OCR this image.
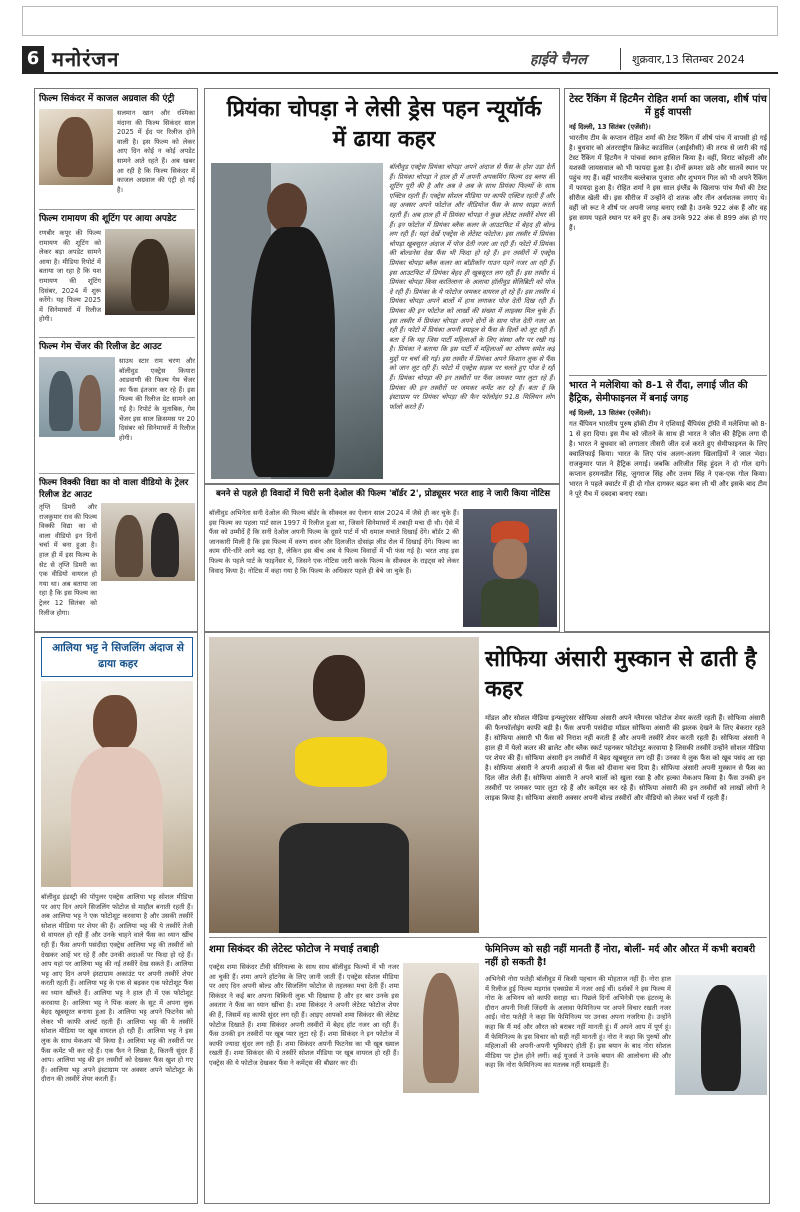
6 मनोरंजन	हाईवे चैनल	शुक्रवार,13 सितम्बर 2024
फिल्म सिकंदर में काजल अग्रवाल की एंट्री
सलमान खान और रश्मिका मंदाना की फिल्म सिकंदर साल 2025 में ईद पर रिलीज होने वाली है। इस फिल्म को लेकर आए दिन कोई न कोई अपडेट सामने आते रहते हैं। अब खबर आ रही है कि फिल्म सिकंदर में काजल अग्रवाल की एंट्री हो गई है।
फिल्म रामायण की शूटिंग पर आया अपडेट
रणबीर कपूर की फिल्म रामायण की शूटिंग को लेकर बड़ा अपडेट सामने आया है। मीडिया रिपोर्ट में बताया जा रहा है कि यश रामायण की शूटिंग दिसंबर, 2024 में शुरू करेंगे। यह फिल्म 2025 में सिनेमाघरों में रिलीज होगी।
फिल्म गेम चेंजर की रिलीज डेट आउट
साउथ स्टार राम चरण और बॉलीवुड एक्ट्रेस कियारा आडवाणी की फिल्म गेम चेंजर का फैंस इंतजार कर रहे हैं। इस फिल्म की रिलीज डेट सामने आ गई है। रिपोर्ट के मुताबिक, गेम चेंजर इस साल क्रिसमस पर 20 दिसंबर को सिनेमाघरों में रिलीज होगी।
फिल्म विक्की विद्या का वो वाला वीडियो के ट्रेलर रिलीज डेट आउट
तृप्ति डिमरी और राजकुमार राव की फिल्म विक्की विद्या का वो वाला वीडियो इन दिनों चर्चा में बना हुआ है। हाल ही में इस फिल्म के सेट से तृप्ति डिमरी का एक वीडियो वायरल हो गया था। अब बताया जा रहा है कि इस फिल्म का ट्रेलर 12 सितंबर को रिलीज होगा।
प्रियंका चोपड़ा ने लेसी ड्रेस पहन न्यूयॉर्क में ढाया कहर
बॉलीवुड एक्ट्रेस प्रियंका चोपड़ा अपने अंदाज से फैंस के होश उड़ा देती हैं। प्रियंका चोपड़ा ने हाल ही में अपनी अपकमिंग फिल्म दद ब्लफ की शूटिंग पूरी की है और अब वे अब के साथ प्रियंका फिल्मों के साथ एक्टिव रहती हैं। एक्ट्रेस सोशल मीडिया पर काफी एक्टिव रहती हैं और वह अक्सर अपने फोटोज और वीडियोज फैंस के साथ साझा करती रहती हैं। अब हाल ही में प्रियंका चोपड़ा ने कुछ लेटेस्ट तस्वीरें शेयर की हैं। इन फोटोज में प्रियंका ब्लैक कलर के आउटफिट में बेहद ही बोल्ड लग रही हैं। यहां देखें एक्ट्रेस के लेटेस्ट फोटोज। इस तस्वीर में प्रियंका चोपड़ा खूबसूरत अंदाज में पोज देती नजर आ रही हैं। फोटो में प्रियंका की बोल्डनेस देख फैंस भी फिदा हो रहे हैं। इन तस्वीरों में एक्ट्रेस प्रियंका चोपड़ा ब्लैक कलर का बॉडीकॉन गाउन पहने नजर आ रही हैं। इस आउटफिट में प्रियंका बेहद ही खूबसूरत लग रही हैं। इस तस्वीर में प्रियंका चोपड़ा किस कातिलाना के अलावा हॉलीवुड सेलिब्रिटी को पोज दे रही हैं। प्रियंका के ये फोटोज जमकर वायरल हो रहे हैं। इस तस्वीर में प्रियंका चोपड़ा अपने बालों में हाथ लगाकर पोज देती दिख रही हैं। प्रियंका की इन फोटोज को लाखों की संख्या में लाइक्स मिल चुके हैं। इस तस्वीर में प्रियंका चोपड़ा अपने दोनों के साथ पोज देती नजर आ रही हैं। फोटो में प्रियंका अपनी स्माइल से फैंस के दिलों को लूट रही हैं। बता दें कि यह जिस पार्टी महिलाओं के लिए संस्था और पर रखी गई है। प्रियंका ने बताया कि इस पार्टी में महिलाओं का शोषण समेत कई मुद्दों पर चर्चा की गई। इस तस्वीर में प्रियंका अपने किशान लुक से फैंस को जान लूट रही हैं। फोटो में एक्ट्रेस सड़क पर चलते हुए पोज दे रही हैं। प्रियंका चोपड़ा की इन तस्वीरों पर फैंस जमकर प्यार लुटा रहे हैं। प्रियंका की इन तस्वीरों पर जमकर कमेंट कर रहे हैं। बता दें कि इंस्टाग्राम पर प्रियंका चोपड़ा की फैन फॉलोइंग 91.8 मिलियन लोग फॉलो करते हैं।
बनने से पहले ही विवादों में घिरी सनी देओल की फिल्म 'बॉर्डर 2', प्रोड्यूसर भरत शाह ने जारी किया नोटिस
बॉलीवुड अभिनेता सनी देओल की फिल्म बॉर्डर के सीक्वल का ऐलान साल 2024 में जैसे ही कर चुके हैं। इस फिल्म का पहला पार्ट साल 1997 में रिलीज हुआ था, जिसने सिनेमाघरों में तबाही मचा दी थी। ऐसे में फैंस को उम्मीदें हैं कि सनी देओल अपनी फिल्म के दूसरे पार्ट में भी धमाल मचाते दिखाई देंगे। बॉर्डर 2 की जानकारी मिली है कि इस फिल्म में वरुण धवन और दिलजीत दोसांझ लीड रोल में दिखाई देंगे। फिल्म का काम धीरे-धीरे आगे बढ़ रहा है, लेकिन इस बीच अब ये फिल्म विवादों में भी फंस गई है। भरत शाह इस फिल्म के पहले पार्ट के फाइनेंसर थे, जिसने एक नोटिस जारी करके फिल्म के सीक्वल के राइट्स को लेकर विवाद किया है। नोटिस में कहा गया है कि फिल्म के अधिकार पहले ही बेचे जा चुके हैं।
टेस्ट रैंकिंग में हिटमैन रोहित शर्मा का जलवा, शीर्ष पांच में हुई वापसी
नई दिल्ली, 13 सितंबर (एजेंसी)।
भारतीय टीम के कप्तान रोहित शर्मा की टेस्ट रैंकिंग में शीर्ष पांच में वापसी हो गई है। बुधवार को अंतरराष्ट्रीय क्रिकेट काउंसिल (आईसीसी) की तरफ से जारी की गई टेस्ट रैंकिंग में हिटमैन ने पांचवां स्थान हासिल किया है। वहीं, विराट कोहली और यशस्वी जायसवाल को भी फायदा हुआ है। दोनों क्रमशः छठे और सातवें स्थान पर पहुंच गए हैं। वहीं भारतीय बल्लेबाज पुजारा और शुभमन गिल को भी अपने रैंकिंग में फायदा हुआ है। रोहित शर्मा ने इस साल इंग्लैंड के खिलाफ पांच मैचों की टेस्ट सीरीज खेली थी। इस सीरीज में उन्होंने दो शतक और तीन अर्धशतक लगाए थे। वहीं जो रूट ने शीर्ष पर अपनी जगह बनाए रखी है। उनके 922 अंक हैं और वह इस समय पहले स्थान पर बने हुए हैं। अब उनके 922 अंक से 899 अंक हो गए हैं।
भारत ने मलेशिया को 8-1 से रौंदा, लगाई जीत की हैट्रिक, सेमीफाइनल में बनाई जगह
नई दिल्ली, 13 सितंबर (एजेंसी)।
गत चैंपियन भारतीय पुरुष हॉकी टीम ने एशियाई चैंपियंस ट्रॉफी में मलेशिया को 8-1 से हरा दिया। इस मैच को जीतने के साथ ही भारत ने जीत की हैट्रिक लगा दी है। भारत ने बुधवार को लगातार तीसरी जीत दर्ज करते हुए सेमीफाइनल के लिए क्वालिफाई किया। भारत के लिए पांच अलग-अलग खिलाड़ियों ने जाल भेदा। राजकुमार पाल ने हैट्रिक लगाई। जबकि अरिजीत सिंह हुंदल ने दो गोल दागे। कप्तान हरमनप्रीत सिंह, जुगराज सिंह और उत्तम सिंह ने एक-एक गोल किया। भारत ने पहले क्वार्टर में ही दो गोल दागकर बढ़त बना ली थी और इसके बाद टीम ने पूरे मैच में दबदबा बनाए रखा।
आलिया भट्ट ने सिजलिंग अंदाज से ढाया कहर
बॉलीवुड इंडस्ट्री की पॉपुलर एक्ट्रेस आलिया भट्ट सोशल मीडिया पर आए दिन अपने सिजलिंग फोटोज से माहौल बनाती रहती हैं। अब आलिया भट्ट ने एक फोटोशूट करवाया है और उसकी तस्वीरें सोशल मीडिया पर शेयर की हैं। आलिया भट्ट की ये तस्वीरें तेजी से वायरल हो रही हैं और उनके चाहने वाले फैंस का ध्यान खींच रही हैं। फैंस अपनी पसंदीदा एक्ट्रेस आलिया भट्ट की तस्वीरों को देखकर आहें भर रहे हैं और उनकी अदाओं पर फिदा हो रहे हैं। आप यहां पर आलिया भट्ट की नई तस्वीरें देख सकते हैं। आलिया भट्ट आए दिन अपने इंस्टाग्राम अकाउंट पर अपनी तस्वीरें शेयर करती रहती हैं। आलिया भट्ट के एक से बढ़कर एक फोटोशूट फैंस का ध्यान खींचते हैं। आलिया भट्ट ने हाल ही में एक फोटोशूट करवाया है। आलिया भट्ट ने पिंक कलर के सूट में अपना लुक बेहद खूबसूरत बनाया हुआ है। आलिया भट्ट अपने फिटनेस को लेकर भी काफी अलर्ट रहती हैं। आलिया भट्ट की ये तस्वीरें सोशल मीडिया पर खूब वायरल हो रही हैं। आलिया भट्ट ने इस लुक के साथ मेकअप भी किया है। आलिया भट्ट की तस्वीरों पर फैंस कमेंट भी कर रहे हैं। एक फैन ने लिखा है, कितनी सुंदर हैं आप। आलिया भट्ट की इन तस्वीरों को देखकर फैंस खुश हो गए हैं। आलिया भट्ट अपने इंस्टाग्राम पर अक्सर अपने फोटोशूट के दौरान की तस्वीरें शेयर करती हैं।
सोफिया अंसारी मुस्कान से ढाती है कहर
मॉडल और सोशल मीडिया इन्फ्लुएंसर सोफिया अंसारी अपने ग्लैमरस फोटोज शेयर करती रहती हैं। सोफिया अंसारी की फैनफॉलोइंग काफी बड़ी है। फैंस अपनी पसंदीदा मॉडल सोफिया अंसारी की झलक देखने के लिए बेकरार रहते हैं। सोफिया अंसारी भी फैंस को निराश नहीं करती हैं और अपनी तस्वीरें शेयर करती रहती हैं। सोफिया अंसारी ने हाल ही में येलो कलर की ब्रालेट और ब्लैक स्कर्ट पहनकर फोटोशूट करवाया है जिसकी तस्वीरें उन्होंने सोशल मीडिया पर शेयर की हैं। सोफिया अंसारी इन तस्वीरों में बेहद खूबसूरत लग रही हैं। उनका ये लुक फैंस को खूब पसंद आ रहा है। सोफिया अंसारी ने अपनी अदाओं से फैंस को दीवाना बना दिया है। सोफिया अंसारी अपनी मुस्कान से फैंस का दिल जीत लेती हैं। सोफिया अंसारी ने अपने बालों को खुला रखा है और हल्का मेकअप किया है। फैंस उनकी इन तस्वीरों पर जमकर प्यार लुटा रहे हैं और कमेंट्स कर रहे हैं। सोफिया अंसारी की इन तस्वीरों को लाखों लोगों ने लाइक किया है। सोफिया अंसारी अक्सर अपनी बोल्ड तस्वीरों और वीडियो को लेकर चर्चा में रहती हैं।
शमा सिकंदर की लेटेस्ट फोटोज ने मचाई तबाही
एक्ट्रेस शमा सिकंदर टीवी सीरियल्स के साथ साथ बॉलीवुड फिल्मों में भी नजर आ चुकी हैं। शमा अपने हॉटनेस के लिए जानी जाती हैं। एक्ट्रेस सोशल मीडिया पर आए दिन अपनी बोल्ड और सिजलिंग फोटोज से तहलका मचा देती हैं। शमा सिकंदर ने कई बार अपना बिकिनी लुक भी दिखाया है और हर बार उनके इस अवतार ने फैंस का ध्यान खींचा है। शमा सिकंदर ने अपनी लेटेस्ट फोटोज शेयर की हैं, जिसमें वह काफी सुंदर लग रही हैं। आइए आपको शमा सिकंदर की लेटेस्ट फोटोज दिखाते हैं। शमा सिकंदर अपनी तस्वीरों में बेहद हॉट नजर आ रही हैं। फैंस उनकी इन तस्वीरों पर खूब प्यार लुटा रहे हैं। शमा सिकंदर ने इन फोटोज में काफी ज्यादा सुंदर लग रही हैं। शमा सिकंदर अपनी फिटनेस का भी खूब ख्याल रखती हैं। शमा सिकंदर की ये तस्वीरें सोशल मीडिया पर खूब वायरल हो रही हैं। एक्ट्रेस की ये फोटोज देखकर फैंस ने कमेंट्स की बौछार कर दी।
फेमिनिज्म को सही नहीं मानती हैं नोरा, बोलीं- मर्द और औरत में कभी बराबरी नहीं हो सकती है!
अभिनेत्री नोरा फतेही बॉलीवुड में किसी पहचान की मोहताज नहीं हैं। नोरा हाल में रिलीज हुई फिल्म मड़गांव एक्सप्रेस में नजर आई थीं। दर्शकों ने इस फिल्म में नोरा के अभिनय को काफी सराहा था। पिछले दिनों अभिनेत्री एक इंटरव्यू के दौरान अपनी निजी जिंदगी के अलावा फेमिनिज्म पर अपने विचार रखती नजर आईं। नोरा फतेही ने कहा कि फेमिनिज्म पर उनका अपना नजरिया है। उन्होंने कहा कि मैं मर्द और औरत को बराबर नहीं मानती हूं। मैं अपने आप में पूर्ण हूं। मैं फेमिनिज्म के इस विचार को सही नहीं मानती हूं। नोरा ने कहा कि पुरुषों और महिलाओं की अपनी-अपनी भूमिकाएं होती हैं। इस बयान के बाद नोरा सोशल मीडिया पर ट्रोल होने लगीं। कई यूजर्स ने उनके बयान की आलोचना की और कहा कि नोरा फेमिनिज्म का मतलब नहीं समझती हैं।
